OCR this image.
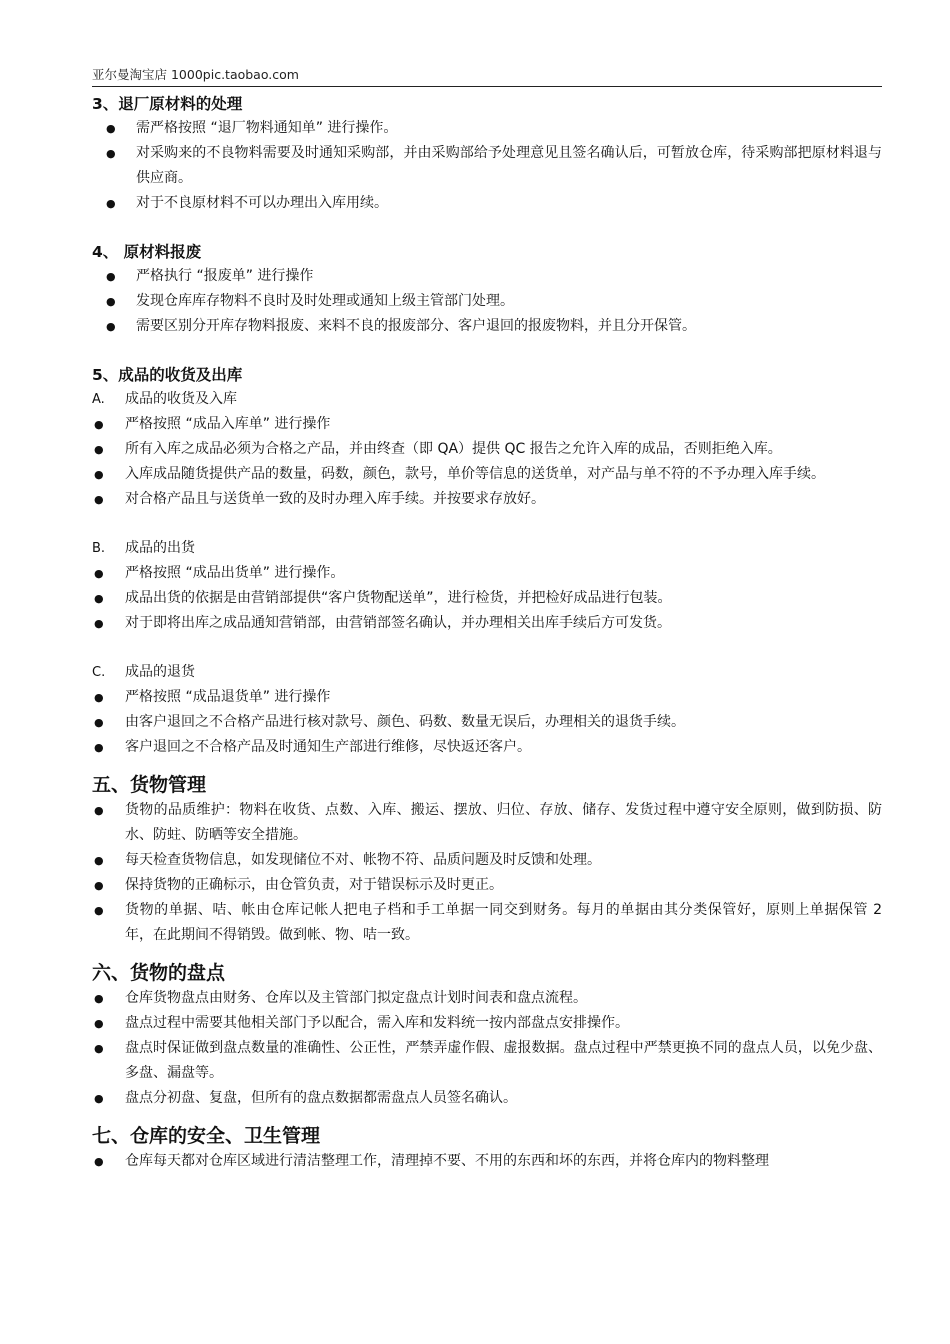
亚尔曼淘宝店 1000pic.taobao.com
3、退厂原材料的处理
●	需严格按照 “退厂物料通知单” 进行操作。
●	对采购来的不良物料需要及时通知采购部，并由采购部给予处理意见且签名确认后，可暂放仓库，待采购部把原材料退与供应商。
●	对于不良原材料不可以办理出入库用续。
4、 原材料报废
●	严格执行 “报废单” 进行操作
●	发现仓库库存物料不良时及时处理或通知上级主管部门处理。
●	需要区别分开库存物料报废、来料不良的报废部分、客户退回的报废物料，并且分开保管。
5、成品的收货及出库
A. 成品的收货及入库
●	严格按照 “成品入库单” 进行操作
●	所有入库之成品必须为合格之产品，并由终查（即 QA）提供 QC 报告之允许入库的成品，否则拒绝入库。
●	入库成品随货提供产品的数量，码数，颜色，款号，单价等信息的送货单，对产品与单不符的不予办理入库手续。
●	对合格产品且与送货单一致的及时办理入库手续。并按要求存放好。
B. 成品的出货
●	严格按照 “成品出货单” 进行操作。
●	成品出货的依据是由营销部提供“客户货物配送单”，进行检货，并把检好成品进行包装。
●	对于即将出库之成品通知营销部，由营销部签名确认，并办理相关出库手续后方可发货。
C. 成品的退货
●	严格按照 “成品退货单” 进行操作
●	由客户退回之不合格产品进行核对款号、颜色、码数、数量无误后，办理相关的退货手续。
●	客户退回之不合格产品及时通知生产部进行维修，尽快返还客户。
五、货物管理
●	货物的品质维护：物料在收货、点数、入库、搬运、摆放、归位、存放、储存、发货过程中遵守安全原则，做到防损、防水、防蛀、防晒等安全措施。
●	每天检查货物信息，如发现储位不对、帐物不符、品质问题及时反馈和处理。
●	保持货物的正确标示，由仓管负责，对于错误标示及时更正。
●	货物的单据、咭、帐由仓库记帐人把电子档和手工单据一同交到财务。每月的单据由其分类保管好，原则上单据保管 2 年，在此期间不得销毁。做到帐、物、咭一致。
六、货物的盘点
●	仓库货物盘点由财务、仓库以及主管部门拟定盘点计划时间表和盘点流程。
●	盘点过程中需要其他相关部门予以配合，需入库和发料统一按内部盘点安排操作。
●	盘点时保证做到盘点数量的准确性、公正性，严禁弄虚作假、虚报数据。盘点过程中严禁更换不同的盘点人员，以免少盘、多盘、漏盘等。
●	盘点分初盘、复盘，但所有的盘点数据都需盘点人员签名确认。
七、仓库的安全、卫生管理
●	仓库每天都对仓库区域进行清洁整理工作，清理掉不要、不用的东西和坏的东西，并将仓库内的物料整理
